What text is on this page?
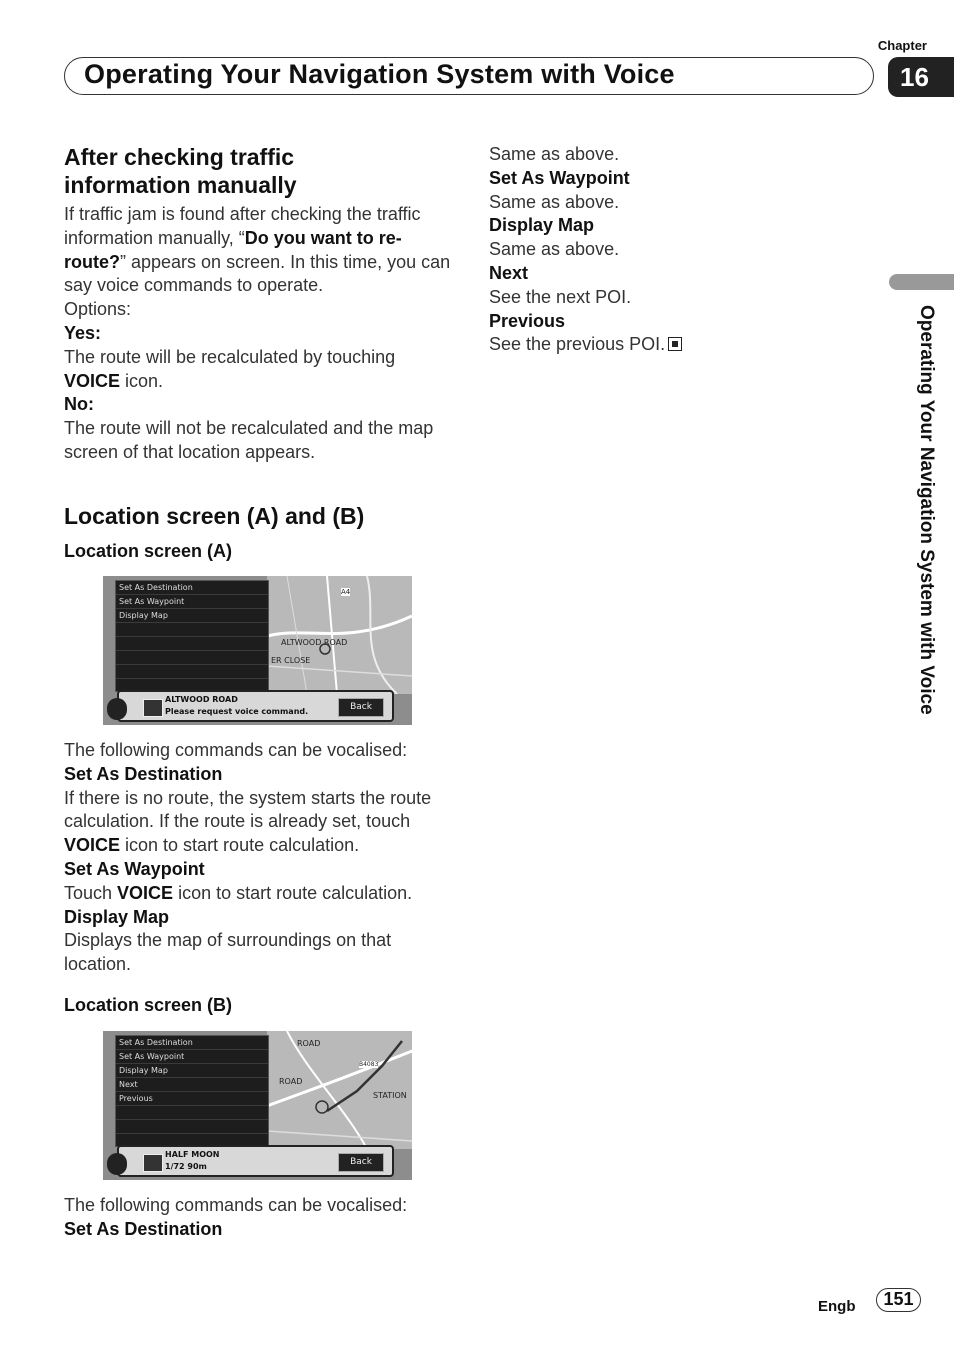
Chapter
Operating Your Navigation System with Voice	16
Operating Your Navigation System with Voice
After checking traffic
information manually

If traffic jam is found after checking the traffic information manually, “Do you want to re-route?” appears on screen. In this time, you can say voice commands to operate.

Options:

Yes:

The route will be recalculated by touching VOICE icon.

No:

The route will not be recalculated and the map screen of that location appears.

Location screen (A) and (B)
Location screen (A)
ALTWOOD ROAD
ER CLOSE
A4
Set As Destination
Set As Waypoint
Display Map
ALTWOOD ROAD
Please request voice command.	Back

The following commands can be vocalised:

Set As Destination

If there is no route, the system starts the route calculation. If the route is already set, touch VOICE icon to start route calculation.

Set As Waypoint

Touch VOICE icon to start route calculation.

Display Map

Displays the map of surroundings on that location.

Location screen (B)
ROAD
STATION
B4083
ROAD
Set As Destination
Set As Waypoint
Display Map
Next
Previous
HALF MOON
1/72 90m	Back

The following commands can be vocalised:

Set As Destination

Same as above.

Set As Waypoint

Same as above.

Display Map

Same as above.

Next

See the next POI.

Previous

See the previous POI.

Engb	151
